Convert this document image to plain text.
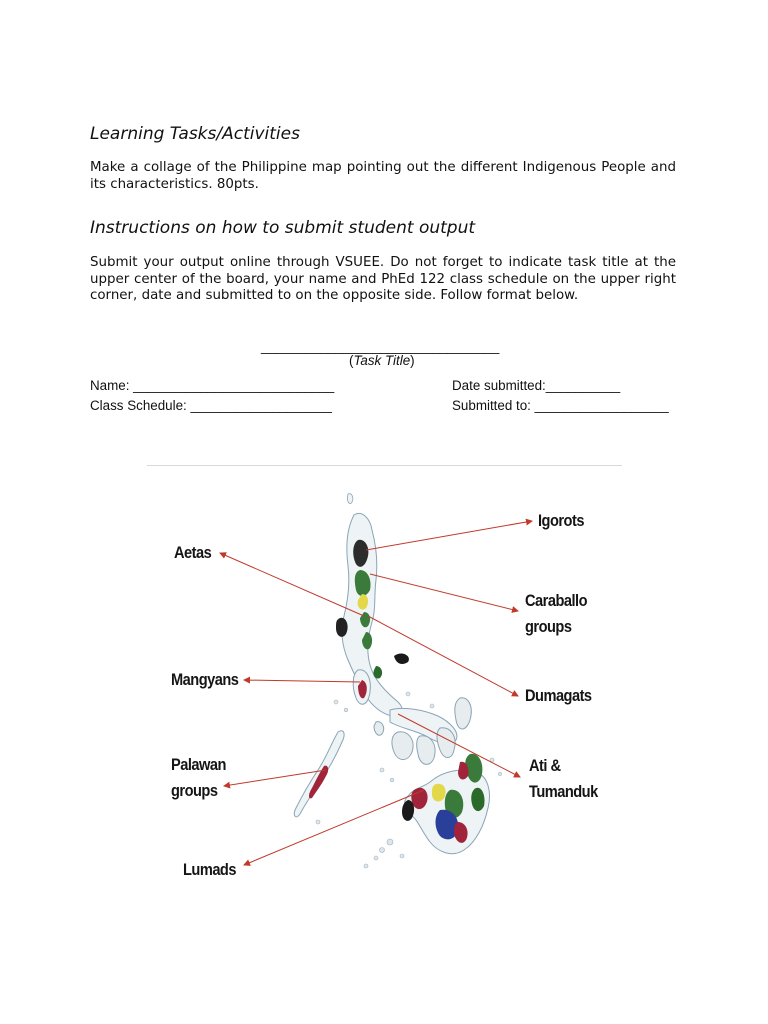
Learning Tasks/Activities

Make a collage of the Philippine map pointing out the different Indigenous People and its characteristics. 80pts.

Instructions on how to submit student output

Submit your output online through VSUEE. Do not forget to indicate task title at the upper center of the board, your name and PhEd 122 class schedule on the upper right corner, date and submitted to on the opposite side. Follow format below.

________________________________
(Task Title)
Name: ___________________________
Class Schedule: ___________________
Date submitted:__________
Submitted to: __________________
Igorots
Aetas
Caraballo
groups
Mangyans
Dumagats
Palawan
groups
Ati &
Tumanduk
Lumads
